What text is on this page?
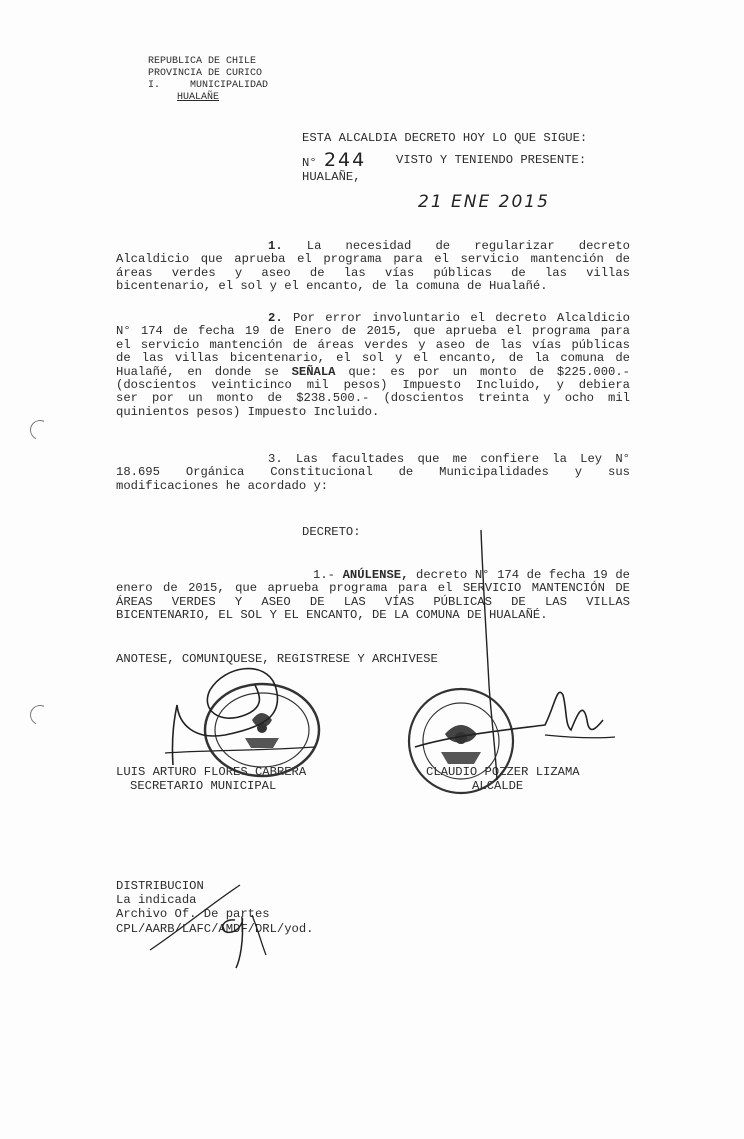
REPUBLICA DE CHILE
PROVINCIA DE CURICO
I.     MUNICIPALIDAD
HUALAÑE
ESTA ALCALDIA DECRETO HOY LO QUE SIGUE:
N° 244 VISTO Y TENIENDO PRESENTE:
HUALAÑE,
21 ENE 2015
1. La necesidad de regularizar decreto
Alcaldicio que aprueba el programa para el servicio mantención de
áreas verdes y aseo de las vías públicas de las villas
bicentenario, el sol y el encanto, de la comuna de Hualañé.
2. Por error involuntario el decreto Alcaldicio
N° 174 de fecha 19 de Enero de 2015, que aprueba el programa para
el servicio mantención de áreas verdes y aseo de las vías públicas
de las villas bicentenario, el sol y el encanto, de la comuna de
Hualañé, en donde se SEÑALA que: es por un monto de $225.000.-
(doscientos veinticinco mil pesos) Impuesto Incluido, y debiera
ser por un monto de $238.500.- (doscientos treinta y ocho mil
quinientos pesos) Impuesto Incluido.
3. Las facultades que me confiere la Ley N°
18.695 Orgánica Constitucional de Municipalidades y sus
modificaciones he acordado y:
DECRETO:
1.- ANÚLENSE, decreto N° 174 de fecha 19 de
enero de 2015, que aprueba programa para el SERVICIO MANTENCIÓN DE
ÁREAS VERDES Y ASEO DE LAS VÍAS PÚBLICAS DE LAS VILLAS
BICENTENARIO, EL SOL Y EL ENCANTO, DE LA COMUNA DE HUALAÑÉ.
ANOTESE, COMUNIQUESE, REGISTRESE Y ARCHIVESE
LUIS ARTURO FLORES CABRERA
SECRETARIO MUNICIPAL
CLAUDIO POZZER LIZAMA
ALCALDE
DISTRIBUCION
La indicada
Archivo Of. De partes
CPL/AARB/LAFC/AMDF/DRL/yod.
